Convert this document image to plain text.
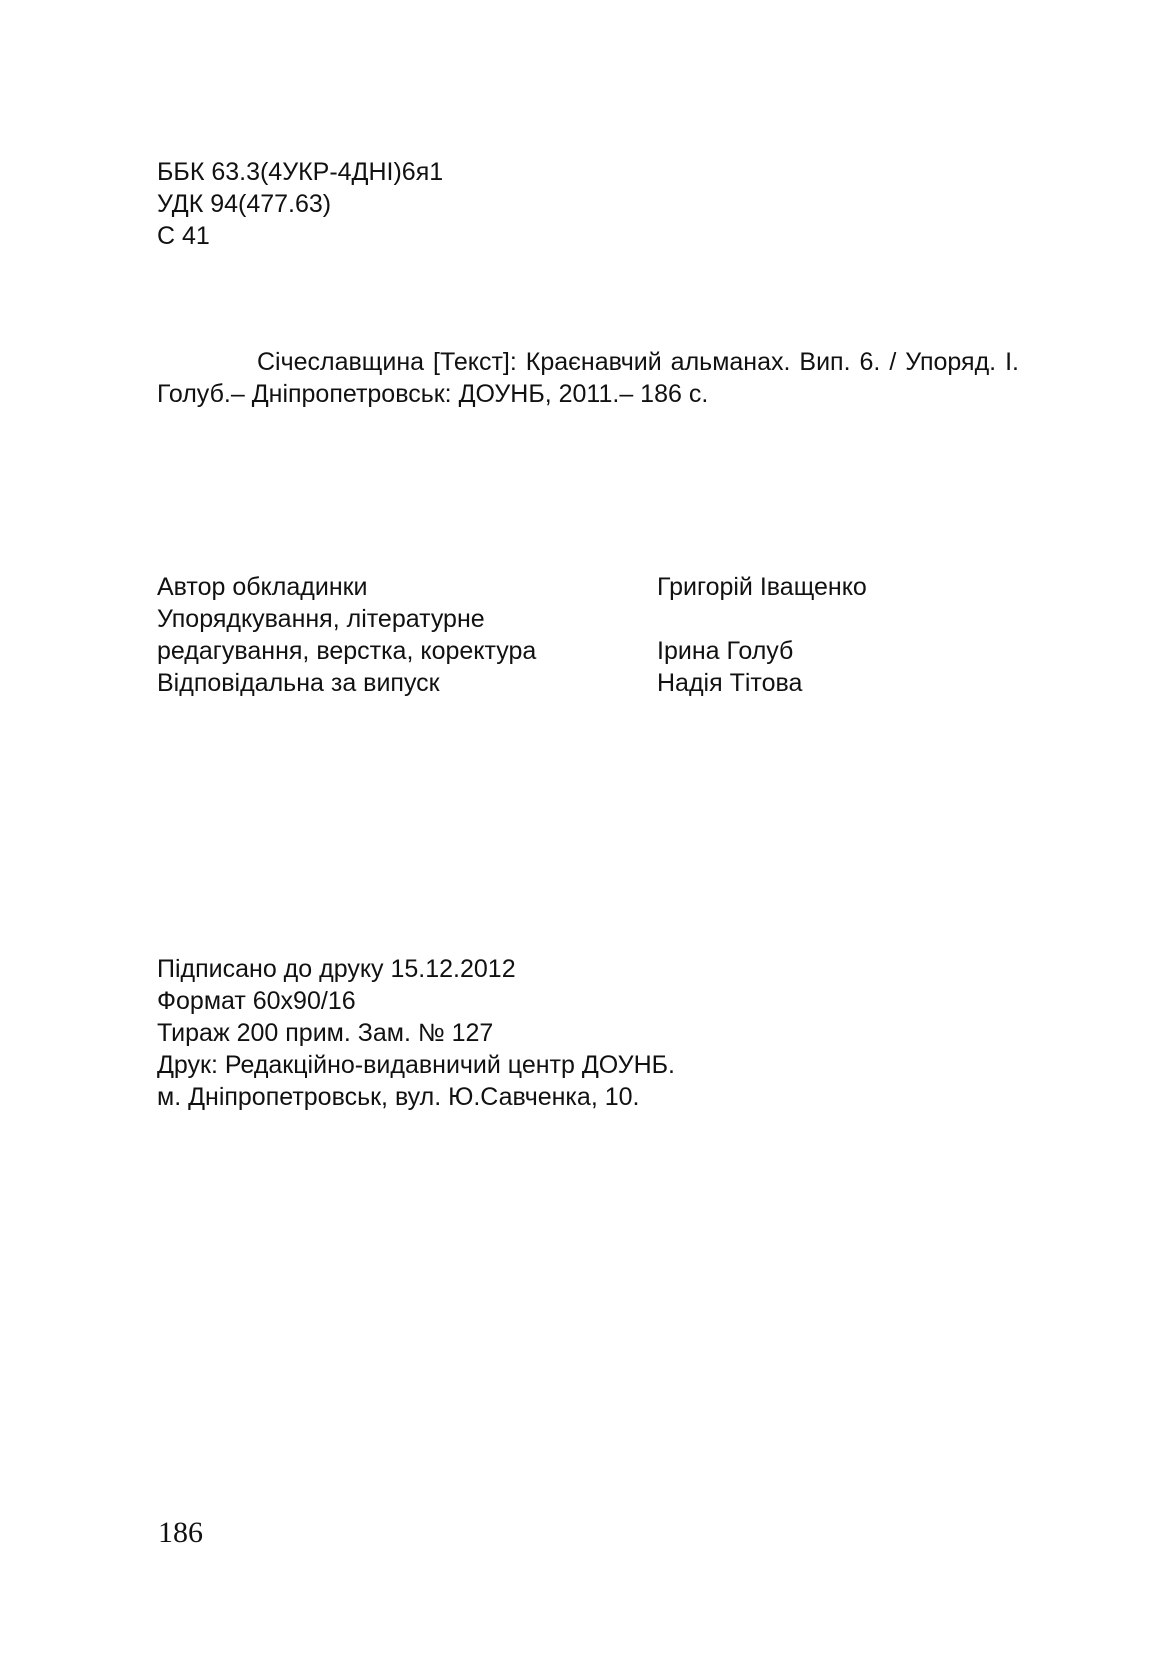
ББК 63.3(4УКР-4ДНІ)6я1
УДК 94(477.63)
С 41

Січеславщина [Текст]: Краєнавчий альманах. Вип. 6. / Упоряд. І. Голуб.– Дніпропетровськ: ДОУНБ, 2011.– 186 с.

Автор обкладинки	Григорій Іващенко
Упорядкування, літературне
редагування, верстка, коректура	Ірина Голуб
Відповідальна за випуск	Надія Тітова
Підписано до друку 15.12.2012
Формат 60х90/16
Тираж 200 прим. Зам. № 127
Друк: Редакційно-видавничий центр ДОУНБ.
м. Дніпропетровськ, вул. Ю.Савченка, 10.
186
